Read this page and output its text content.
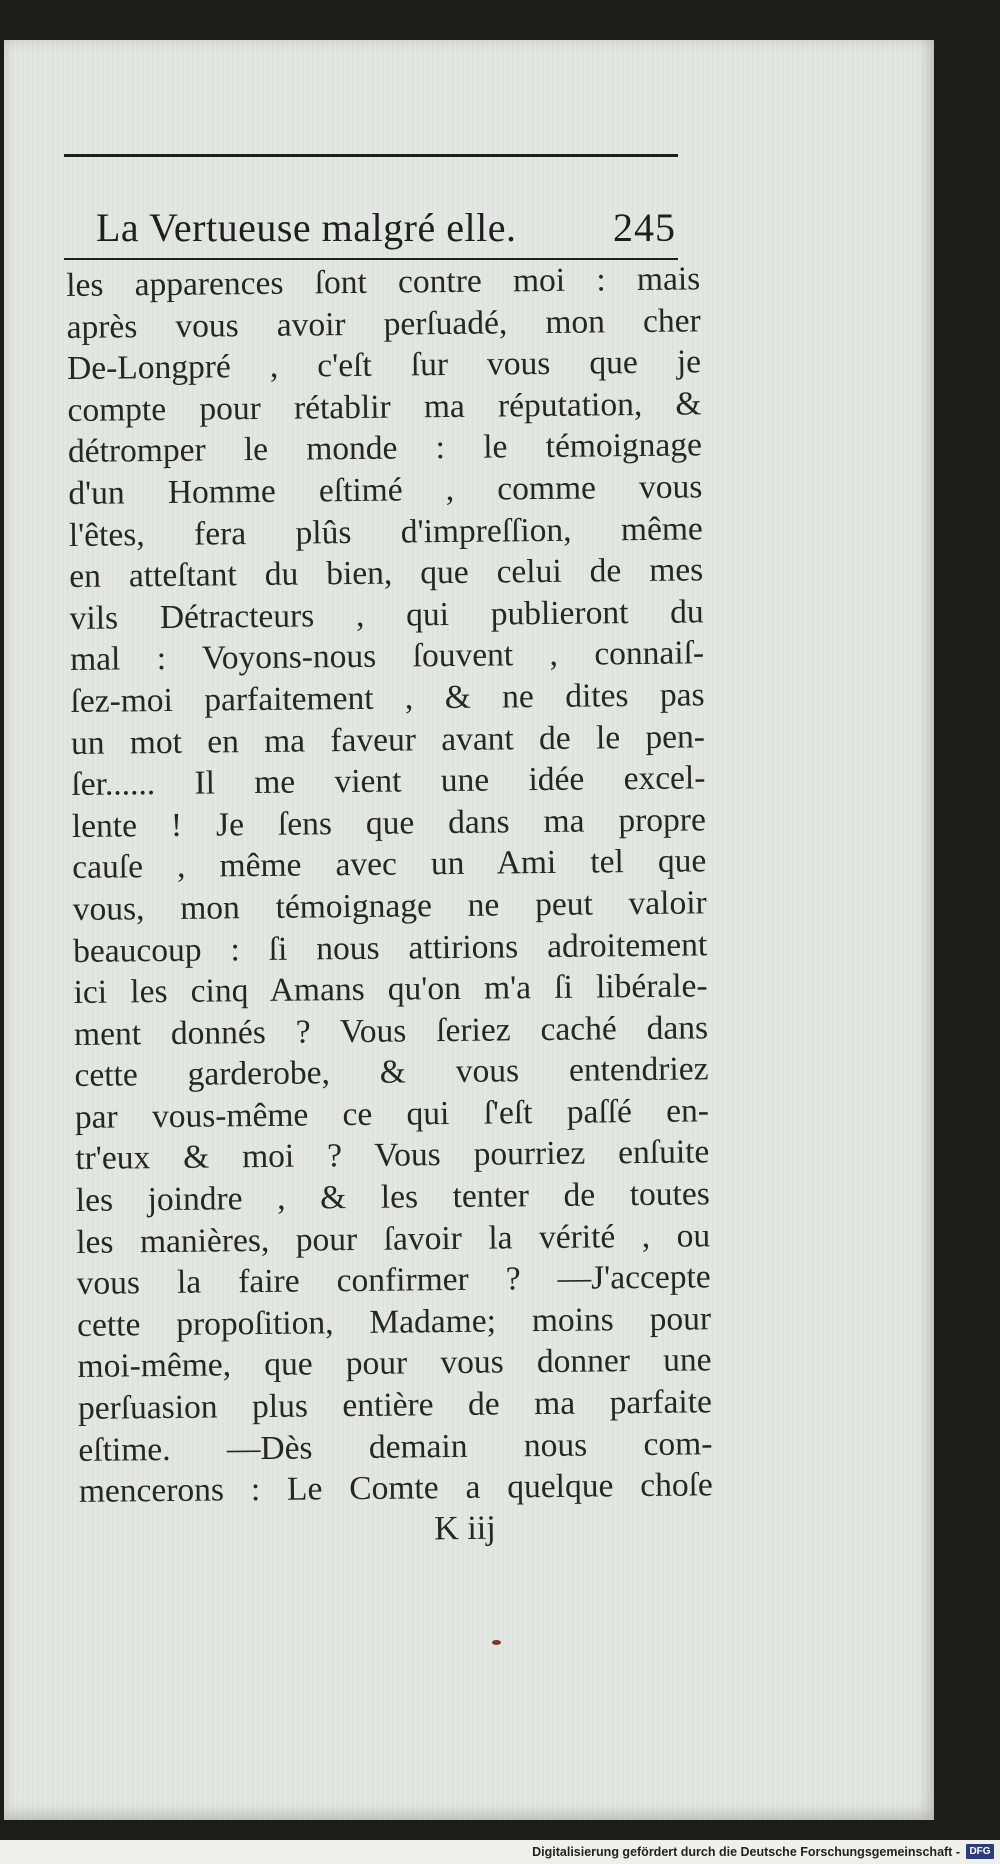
La Vertueuse malgré elle. 245
les apparences ſont contre moi : mais
après vous avoir perſuadé, mon cher
De-Longpré , c'eſt ſur vous que je
compte pour rétablir ma réputation, &
détromper le monde : le témoignage
d'un Homme eſtimé , comme vous
l'êtes, fera plûs d'impreſſion, même
en atteſtant du bien, que celui de mes
vils Détracteurs , qui publieront du
mal : Voyons-nous ſouvent , connaiſ-
ſez-moi parfaitement , & ne dites pas
un mot en ma faveur avant de le pen-
ſer...... Il me vient une idée excel-
lente ! Je ſens que dans ma propre
cauſe , même avec un Ami tel que
vous, mon témoignage ne peut valoir
beaucoup : ſi nous attirions adroitement
ici les cinq Amans qu'on m'a ſi libérale-
ment donnés ? Vous ſeriez caché dans
cette garderobe, & vous entendriez
par vous-même ce qui ſ'eſt paſſé en-
tr'eux & moi ? Vous pourriez enſuite
les joindre , & les tenter de toutes
les manières, pour ſavoir la vérité , ou
vous la faire confirmer ? —J'accepte
cette propoſition, Madame; moins pour
moi-même, que pour vous donner une
perſuasion plus entière de ma parfaite
eſtime. —Dès demain nous com-
mencerons : Le Comte a quelque choſe
K iij
Digitalisierung gefördert durch die Deutsche Forschungsgemeinschaft - DFG
